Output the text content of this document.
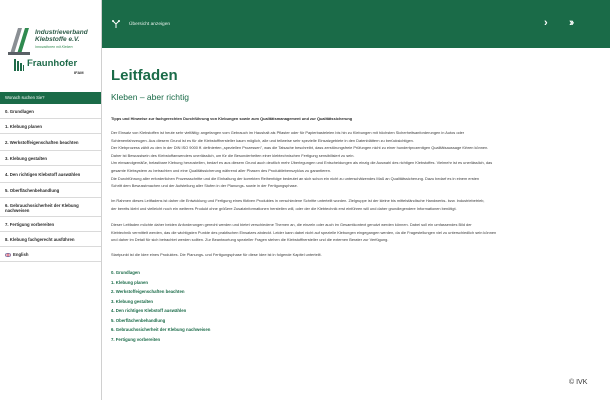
Industrieverband
Klebstoffe e.V.
Innovationen mit Kleben
Fraunhofer
IFAM
Wonach suchen Sie?
0. Grundlagen
1. Klebung planen
2. Werkstoffeigenschaften beachten
3. Klebung gestalten
4. Den richtigen Klebstoff auswählen
5. Oberflächenbehandlung
6. Gebrauchssicherheit der Klebung nachweisen
7. Fertigung vorbereiten
8. Klebung fachgerecht ausführen
English
Übersicht anzeigen	› ››
Leitfaden
Kleben – aber richtig
Tipps und Hinweise zur fachgerechten Durchführung von Klebungen sowie zum Qualitätsmanagement und zur Qualitätssicherung
Der Einsatz von Klebstoffen ist heute sehr vielfältig: angefangen vom Gebrauch im Haushalt als Pflaster oder für Papierbasteleien bis hin zu Klebungen mit höchsten Sicherheitsanforderungen in Autos oder
Schienenfahrzeugen. Aus diesem Grund ist es für die Klebstoffhersteller kaum möglich, alle und teilweise sehr spezielle Einsatzgebiete in den Datenblättern zu berücksichtigen.
Der Klebprozess zählt zu den in der DIN ISO 9000 ff. definierten „speziellen Prozessen", was die Tatsache beschreibt, dass zerstörungsfreie Prüfungen nicht zu einer hundertprozentigen Qualitätsaussage führen können.
Daher ist Bewusstsein des Klebstoffanwenders unerlässlich, um für die Besonderheiten einer klebtechnischen Fertigung sensibilisiert zu sein.
Um einwandgemäße, belastbare Klebung herzustellen, bedarf es aus diesem Grund auch deutlich mehr Überlegungen und Entscheidungen als einzig die Auswahl des richtigen Klebstoffes. Vielmehr ist es unerlässlich, das
gesamte Klebsystem zu betrachten und eine Qualitätssicherung während aller Phasen des Produktlebenszyklus zu garantieren.
Die Durchführung aller erforderlichen Prozessschritte und die Einhaltung der korrekten Reihenfolge bedeutet an sich schon ein nicht zu unterschätzendes Maß an Qualitätssicherung. Dazu bedarf es in einem ersten
Schritt dem Bewusstmachen und der Aufstellung aller Stufen in der Planungs- sowie in der Fertigungsphase.
Im Rahmen dieses Leitfadens ist daher die Entwicklung und Fertigung eines fiktiven Produktes in verschiedene Schritte unterteilt worden. Zielgruppe ist der kleine bis mittelständische Handwerks- bzw. Industriebetrieb,
der bereits klebt und vielleicht noch ein weiteres Produkt ohne größere Zusatzinformationen herstellen will, oder der die Klebtechnik erst einführen will und daher grundlegendere Informationen benötigt.
Dieser Leitfaden möchte daher beiden Anforderungen gerecht werden und bietet verschiedene Themen an, die einzeln oder auch im Gesamtkontext genutzt werden können. Dabei soll ein umfassendes Bild der
Klebtechnik vermittelt werden, das die wichtigsten Punkte des praktischen Einsatzes abdeckt. Leider kann dabei nicht auf spezielle Klebungen eingegangen werden, da die Fragestellungen viel zu unterschiedlich sein können
und daher im Detail für sich betrachtet werden sollten. Zur Beantwortung spezieller Fragen stehen die Klebstoffhersteller und die externen Berater zur Verfügung.
Startpunkt ist die Idee eines Produktes. Die Planungs- und Fertigungsphase für diese Idee ist in folgende Kapitel unterteilt.
0. Grundlagen
1. Klebung planen
2. Werkstoffeigenschaften beachten
3. Klebung gestalten
4. Den richtigen Klebstoff auswählen
5. Oberflächenbehandlung
6. Gebrauchssicherheit der Klebung nachweisen
7. Fertigung vorbereiten
© IVK
